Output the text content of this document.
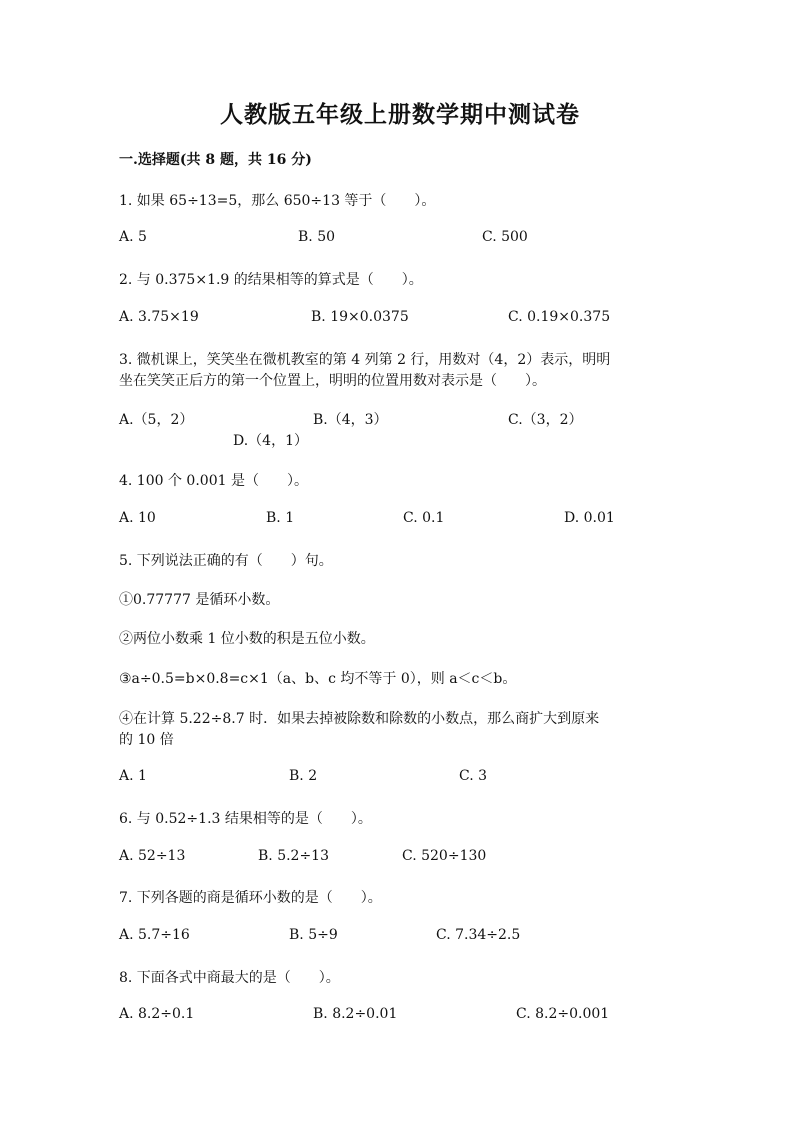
人教版五年级上册数学期中测试卷
一.选择题(共 8 题，共 16 分)
1. 如果 65÷13=5，那么 650÷13 等于（　　）。
A. 5	B. 50	C. 500
2. 与 0.375×1.9 的结果相等的算式是（　　）。
A. 3.75×19	B. 19×0.0375	C. 0.19×0.375
3. 微机课上，笑笑坐在微机教室的第 4 列第 2 行，用数对（4，2）表示，明明
坐在笑笑正后方的第一个位置上，明明的位置用数对表示是（　　）。
A.（5，2）	B.（4，3）	C.（3，2）
D.（4，1）
4. 100 个 0.001 是（　　）。
A. 10	B. 1	C. 0.1	D. 0.01
5. 下列说法正确的有（　　）句。
①0.77777 是循环小数。
②两位小数乘 1 位小数的积是五位小数。
③a÷0.5=b×0.8=c×1（a、b、c 均不等于 0），则 a＜c＜b。
④在计算 5.22÷8.7 时．如果去掉被除数和除数的小数点，那么商扩大到原来
的 10 倍
A. 1	B. 2	C. 3
6. 与 0.52÷1.3 结果相等的是（　　）。
A. 52÷13	B. 5.2÷13	C. 520÷130
7. 下列各题的商是循环小数的是（　　）。
A. 5.7÷16	B. 5÷9	C. 7.34÷2.5
8. 下面各式中商最大的是（　　）。
A. 8.2÷0.1	B. 8.2÷0.01	C. 8.2÷0.001
